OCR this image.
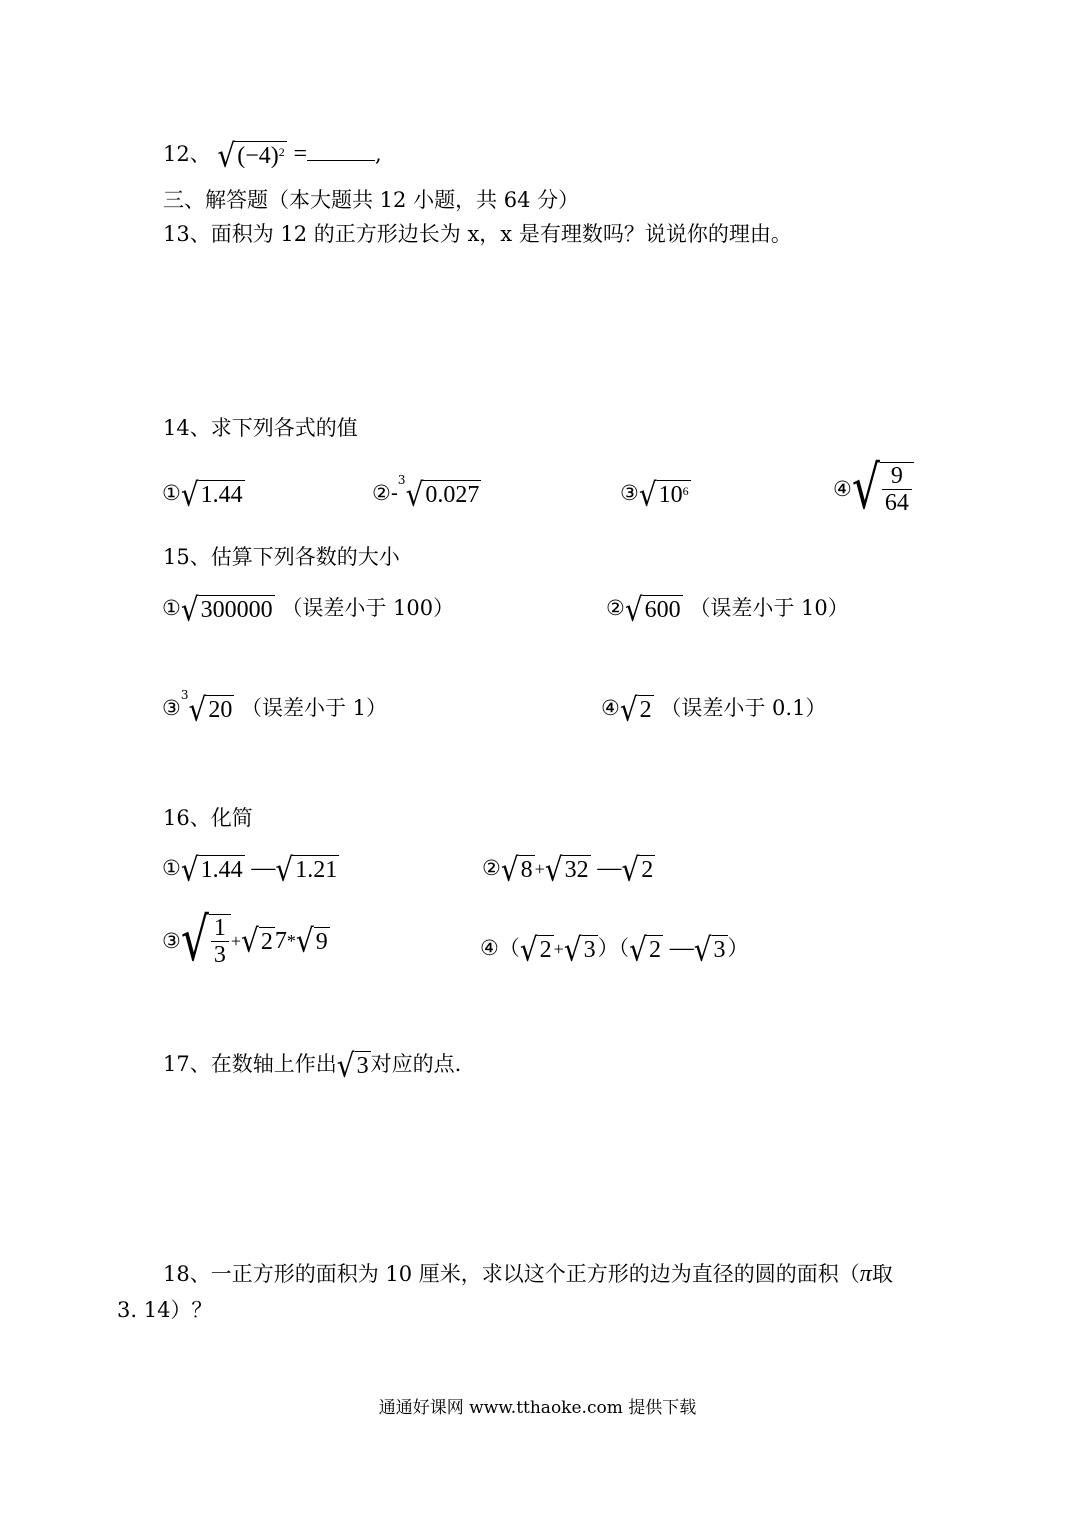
12、 $√(-4)^2$ =	,
三、解答题（本大题共 12 小题，共 64 分）
13、面积为 12 的正方形边长为 x，x 是有理数吗？说说你的理由。
14、求下列各式的值
①√1.44	②-$^3$√0.027	$③√10^6$	④√ $\frac{9}{64}$
15、估算下列各数的大小
①√300000 （误差小于 100）	②√600 （误差小于 10）
③$^3$√20 （误差小于 1）	④√2 （误差小于 0.1）
16、化简
①√1.44 —√1.21	②√8 +√32 —√2
③√ $\frac{1}{3} +√27*√9$	④（√2 +√3）（√2 —√3）
17、在数轴上作出√3对应的点.
18、一正方形的面积为 10 厘米，求以这个正方形的边为直径的圆的面积（π取
3. 14）？
通通好课网 www.tthaoke.com 提供下载
